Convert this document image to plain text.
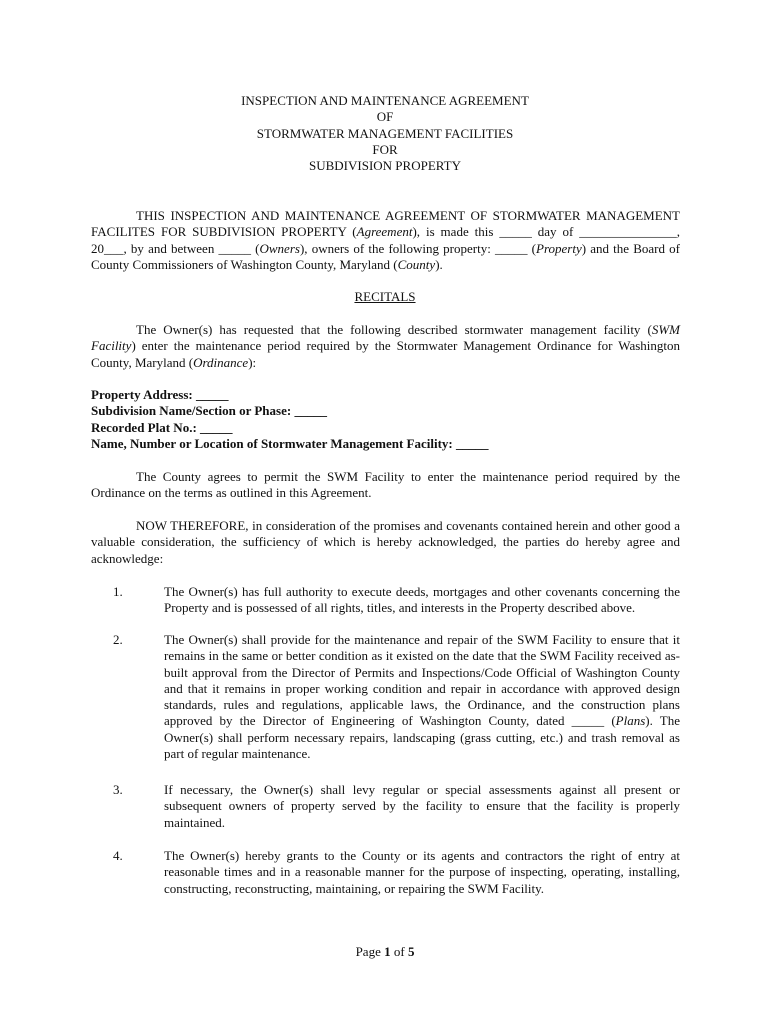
INSPECTION AND MAINTENANCE AGREEMENT
OF
STORMWATER MANAGEMENT FACILITIES
FOR
SUBDIVISION PROPERTY
THIS INSPECTION AND MAINTENANCE AGREEMENT OF STORMWATER MANAGEMENT FACILITES FOR SUBDIVISION PROPERTY (Agreement), is made this _____ day of _______________, 20___, by and between _____ (Owners), owners of the following property: _____ (Property) and the Board of County Commissioners of Washington County, Maryland (County).
RECITALS
The Owner(s) has requested that the following described stormwater management facility (SWM Facility) enter the maintenance period required by the Stormwater Management Ordinance for Washington County, Maryland (Ordinance):
Property Address: _____
Subdivision Name/Section or Phase: _____
Recorded Plat No.: _____
Name, Number or Location of Stormwater Management Facility: _____
The County agrees to permit the SWM Facility to enter the maintenance period required by the Ordinance on the terms as outlined in this Agreement.
NOW THEREFORE, in consideration of the promises and covenants contained herein and other good a valuable consideration, the sufficiency of which is hereby acknowledged, the parties do hereby agree and acknowledge:
1.	The Owner(s) has full authority to execute deeds, mortgages and other covenants concerning the Property and is possessed of all rights, titles, and interests in the Property described above.
2.	The Owner(s) shall provide for the maintenance and repair of the SWM Facility to ensure that it remains in the same or better condition as it existed on the date that the SWM Facility received as-built approval from the Director of Permits and Inspections/Code Official of Washington County and that it remains in proper working condition and repair in accordance with approved design standards, rules and regulations, applicable laws, the Ordinance, and the construction plans approved by the Director of Engineering of Washington County, dated _____ (Plans). The Owner(s) shall perform necessary repairs, landscaping (grass cutting, etc.) and trash removal as part of regular maintenance.
3.	If necessary, the Owner(s) shall levy regular or special assessments against all present or subsequent owners of property served by the facility to ensure that the facility is properly maintained.
4.	The Owner(s) hereby grants to the County or its agents and contractors the right of entry at reasonable times and in a reasonable manner for the purpose of inspecting, operating, installing, constructing, reconstructing, maintaining, or repairing the SWM Facility.
Page 1 of 5
